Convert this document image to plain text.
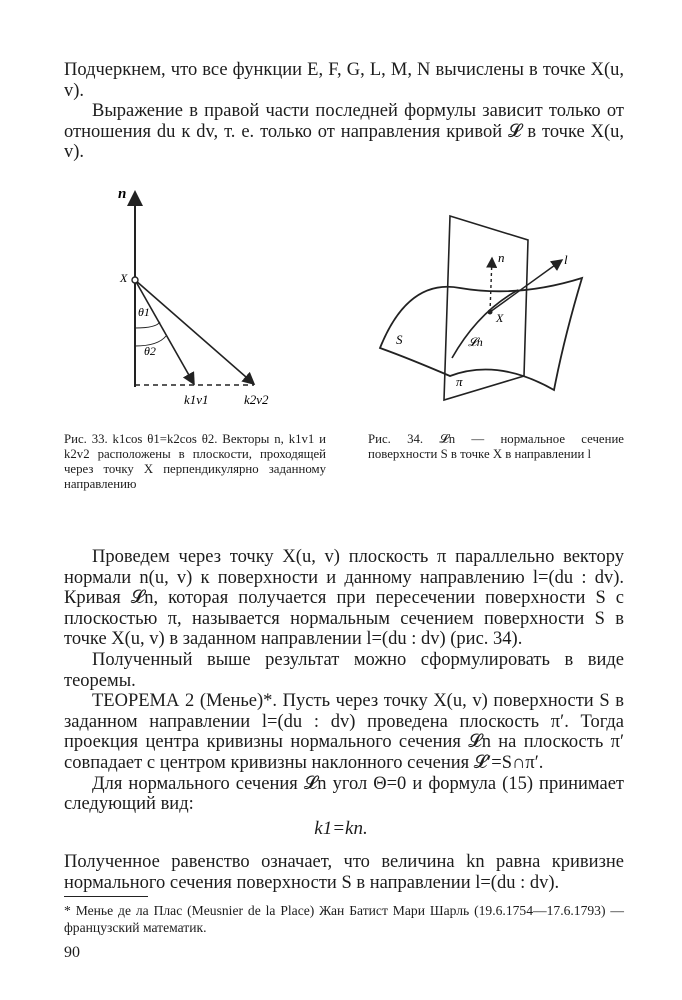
Подчеркнем, что все функции E, F, G, L, M, N вычислены в точке X(u, v).

Выражение в правой части последней формулы зависит только от отношения du к dv, т. е. только от направления кривой 𝓛 в точке X(u, v).

n
X
θ1
θ2
k1v1	k2v2
Рис. 33. k1cos θ1=k2cos θ2. Векторы n, k1v1 и k2v2 расположены в плоскости, проходящей через точку X перпендикулярно заданному направлению
n	l
X
S	𝓛n
π
Рис. 34. 𝓛n — нормальное сечение поверхности S в точке X в направлении l

Проведем через точку X(u, v) плоскость π параллельно вектору нормали n(u, v) к поверхности и данному направлению l=(du : dv). Кривая 𝓛n, которая получается при пересечении поверхности S с плоскостью π, называется нормальным сечением поверхности S в точке X(u, v) в заданном направлении l=(du : dv) (рис. 34).

Полученный выше результат можно сформулировать в виде теоремы.

ТЕОРЕМА 2 (Менье)*. Пусть через точку X(u, v) поверхности S в заданном направлении l=(du : dv) проведена плоскость π′. Тогда проекция центра кривизны нормального сечения 𝓛n на плоскость π′ совпадает с центром кривизны наклонного сечения 𝓛′=S∩π′.

Для нормального сечения 𝓛n угол Θ=0 и формула (15) принимает следующий вид:

k1=kn.

Полученное равенство означает, что величина kn равна кривизне нормального сечения поверхности S в направлении l=(du : dv).

* Менье де ла Плас (Meusnier de la Place) Жан Батист Мари Шарль (19.6.1754—17.6.1793) — французский математик.
90
